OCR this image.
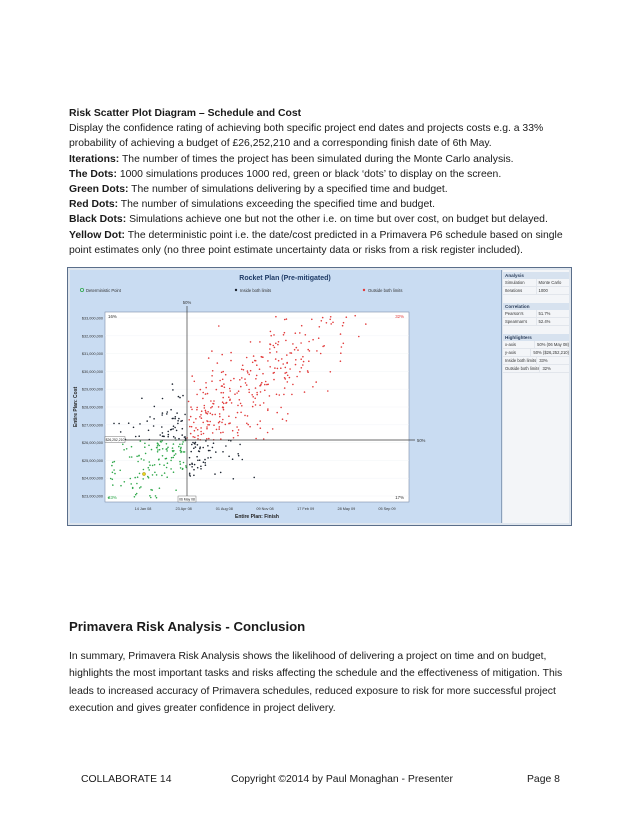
Risk Scatter Plot Diagram – Schedule and Cost

Display the confidence rating of achieving both specific project end dates and projects costs e.g. a 33% probability of achieving a budget of £26,252,210 and a corresponding finish date of 6th May.

Iterations: The number of times the project has been simulated during the Monte Carlo analysis.

The Dots: 1000 simulations produces 1000 red, green or black ‘dots’ to display on the screen.

Green Dots: The number of simulations delivering by a specified time and budget.

Red Dots: The number of simulations exceeding the specified time and budget.

Black Dots: Simulations achieve one but not the other i.e. on time but over cost, on budget but delayed.

Yellow Dot: The deterministic point i.e. the date/cost predicted in a Primavera P6 schedule based on single point estimates only (no three point estimate uncertainty data or risks from a risk register included).

Rocket Plan (Pre-mitigated)
Deterministic Point	Inside both limits	Outside both limits
$33,000,000
$32,000,000
$31,000,000
$30,000,000
$29,000,000
$28,000,000
$27,000,000
$26,000,000
$25,000,000
$24,000,000
$23,000,000
14 Jan 08	23 Apr 08	01 Aug 08	09 Nov 08	17 Feb 09	28 May 09	05 Sep 09
50%
50%
$26,252,210
06 May 08
16%	32%
33%	17%
Entire Plan: Finish
Entire Plan: Cost
Analysis
Simulation	Monte Carlo
Iterations	1000
Correlation
Pearson's	51.7%
Spearman's	52.4%
Highlighters
x-axis	50% (06 May 08)
y-axis	50% ($26,252,210)
Inside both limits 33%
Outside both limits 32%
Primavera Risk Analysis - Conclusion

In summary, Primavera Risk Analysis shows the likelihood of delivering a project on time and on budget, highlights the most important tasks and risks affecting the schedule and the effectiveness of mitigation. This leads to increased accuracy of Primavera schedules, reduced exposure to risk for more successful project execution and gives greater confidence in project delivery.

COLLABORATE 14	Copyright ©2014 by Paul Monaghan - Presenter	Page 8
